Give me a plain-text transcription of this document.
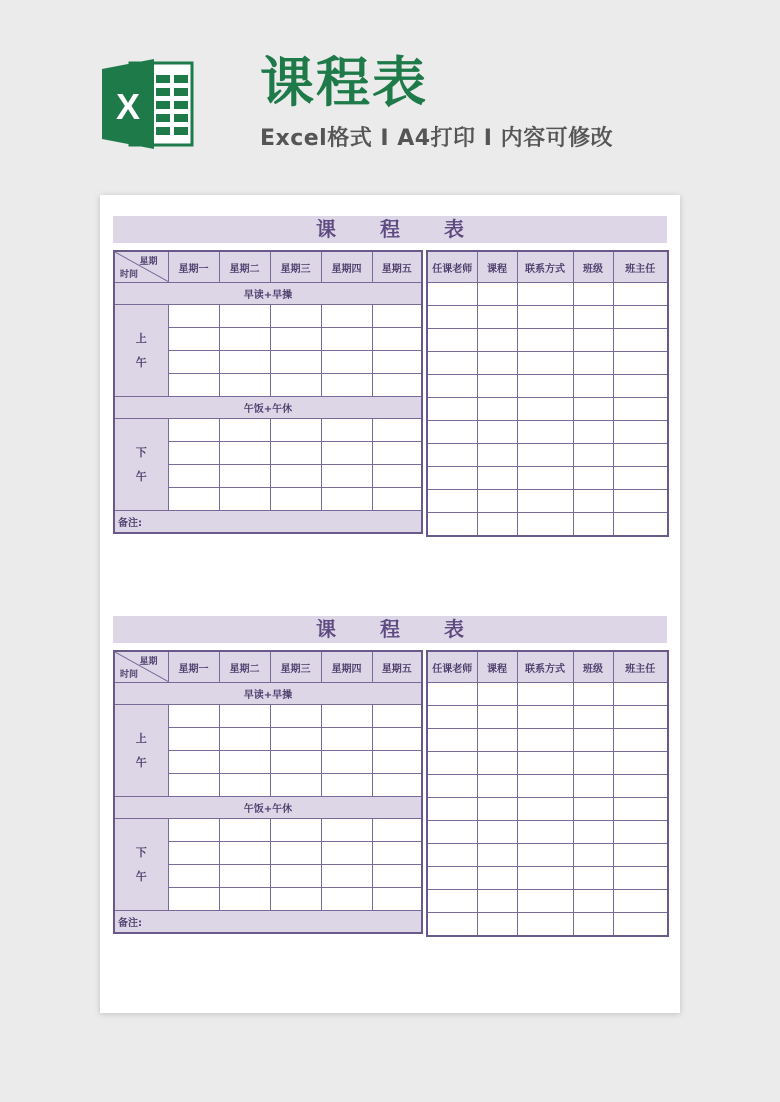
X 课程表
Excel格式 I A4打印 I 内容可修改
课 程 表
星期
时间	星期一	星期二	星期三	星期四	星期五
早读+早操					
上
午					

午饭+午休					
下
午					

备注:					
任课老师	课程	联系方式	班级	班主任

课 程 表
星期
时间	星期一	星期二	星期三	星期四	星期五
早读+早操					
上
午					

午饭+午休					
下
午					

备注:					
任课老师	课程	联系方式	班级	班主任
